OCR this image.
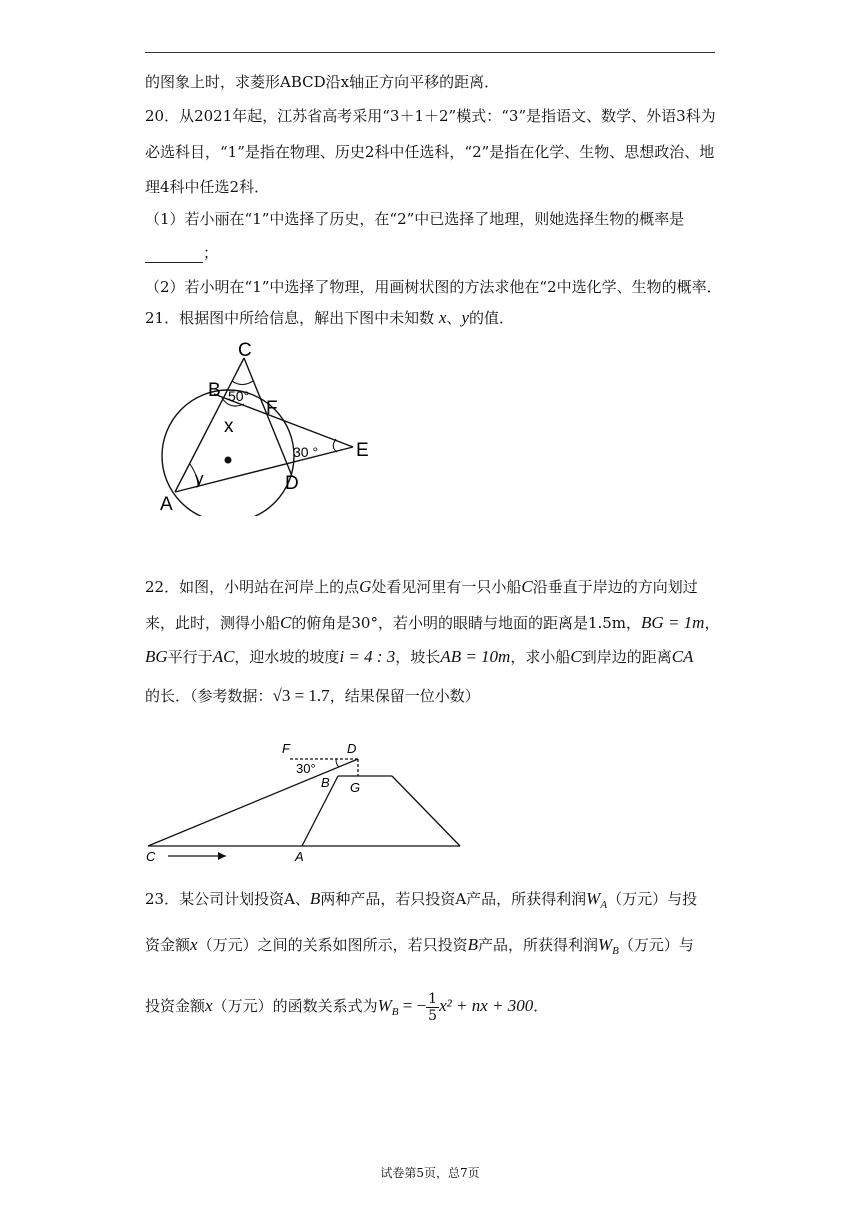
的图象上时，求菱形ABCD沿x轴正方向平移的距离．
20．从2021年起，江苏省高考采用“3＋1＋2”模式：“3”是指语文、数学、外语3科为
必选科目，“1”是指在物理、历史2科中任选科，“2”是指在化学、生物、思想政治、地
理4科中任选2科．
（1）若小丽在“1”中选择了历史，在“2”中已选择了地理，则她选择生物的概率是
；
（2）若小明在“1”中选择了物理，用画树状图的方法求他在“2中选化学、生物的概率．
21．根据图中所给信息，解出下图中未知数 x、y的值．
C
B 50°
F
x
30 ° E
y	D
A
22．如图，小明站在河岸上的点G处看见河里有一只小船C沿垂直于岸边的方向划过
来，此时，测得小船C的俯角是30°，若小明的眼睛与地面的距离是1.5m，BG = 1m，
BG平行于AC，迎水坡的坡度i = 4 : 3，坡长AB = 10m，求小船C到岸边的距离CA
的长．（参考数据：√3 = 1.7，结果保留一位小数）
F	D
30°
B G
C	A
23．某公司计划投资A、B两种产品，若只投资A产品，所获得利润$W_A$（万元）与投
资金额x（万元）之间的关系如图所示，若只投资B产品，所获得利润$W_B$（万元）与
投资金额x（万元）的函数关系式为$W_B$ = − $\frac{1}{5} x^2$ + nx + 300．
试卷第5页，总7页
